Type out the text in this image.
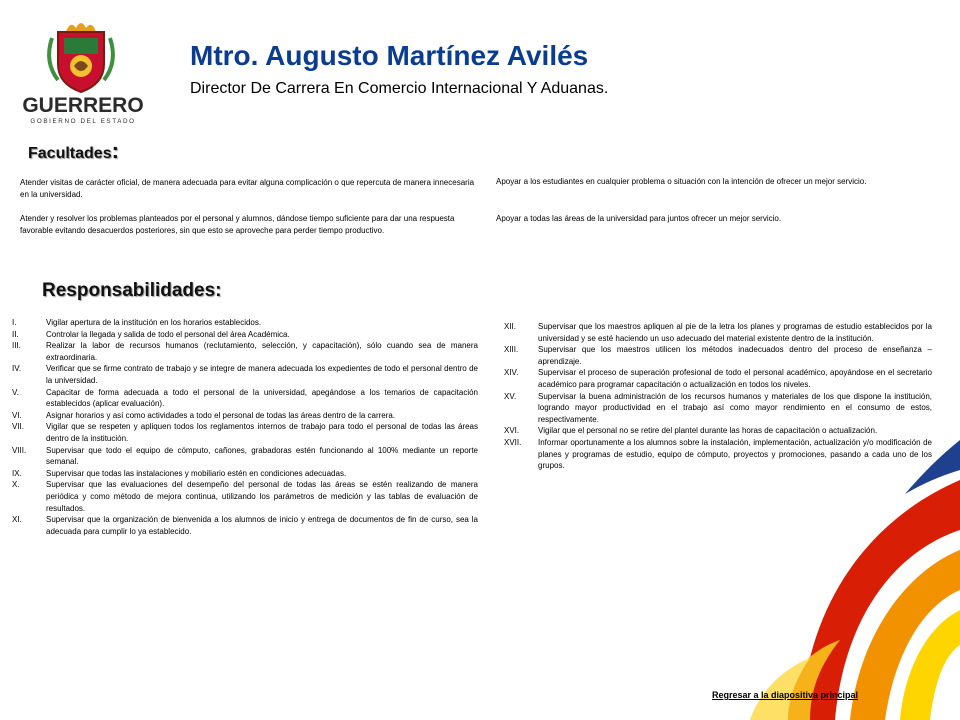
GUERRERO
GOBIERNO DEL ESTADO
Mtro. Augusto Martínez Avilés
Director De Carrera En Comercio Internacional Y Aduanas.
Facultades:

Atender visitas de carácter oficial, de manera adecuada para evitar alguna complicación o que repercuta de manera innecesaria en la universidad.

Atender y resolver los problemas planteados por el personal y alumnos, dándose tiempo suficiente para dar una respuesta favorable evitando desacuerdos posteriores, sin que esto se aproveche para perder tiempo productivo.

Apoyar a los estudiantes en cualquier problema o situación con la intención de ofrecer un mejor servicio.

Apoyar a todas las áreas de la universidad para juntos ofrecer un mejor servicio.

Responsabilidades:
I.	Vigilar apertura de la institución en los horarios establecidos.
II.	Controlar la llegada y salida de todo el personal del área Académica.
III.	Realizar la labor de recursos humanos (reclutamiento, selección, y capacitación), sólo cuando sea de manera extraordinaria.
IV.	Verificar que se firme contrato de trabajo y se integre de manera adecuada los expedientes de todo el personal dentro de la universidad.
V.	Capacitar de forma adecuada a todo el personal de la universidad, apegándose a los temarios de capacitación establecidos (aplicar evaluación).
VI.	Asignar horarios y así como actividades a todo el personal de todas las áreas dentro de la carrera.
VII.	Vigilar que se respeten y apliquen todos los reglamentos internos de trabajo para todo el personal de todas las áreas dentro de la institución.
VIII. Supervisar que todo el equipo de cómputo, cañones, grabadoras estén funcionando al 100% mediante un reporte semanal.
IX.	Supervisar que todas las instalaciones y mobiliario estén en condiciones adecuadas.
X.	Supervisar que las evaluaciones del desempeño del personal de todas las áreas se estén realizando de manera periódica y como método de mejora continua, utilizando los parámetros de medición y las tablas de evaluación de resultados.
XI.	Supervisar que la organización de bienvenida a los alumnos de inicio y entrega de documentos de fin de curso, sea la adecuada para cumplir lo ya establecido.
XII.	Supervisar que los maestros apliquen al pie de la letra los planes y programas de estudio establecidos por la universidad y se esté haciendo un uso adecuado del material existente dentro de la institución.
XIII. Supervisar que los maestros utilicen los métodos inadecuados dentro del proceso de enseñanza – aprendizaje.
XIV. Supervisar el proceso de superación profesional de todo el personal académico, apoyándose en el secretario académico para programar capacitación o actualización en todos los niveles.
XV.	Supervisar la buena administración de los recursos humanos y materiales de los que dispone la institución, logrando mayor productividad en el trabajo así como mayor rendimiento en el consumo de estos, respectivamente.
XVI. Vigilar que el personal no se retire del plantel durante las horas de capacitación o actualización.
XVII. Informar oportunamente a los alumnos sobre la instalación, implementación, actualización y/o modificación de planes y programas de estudio, equipo de cómputo, proyectos y promociones, pasando a cada uno de los grupos.
Regresar a la diapositiva principal
